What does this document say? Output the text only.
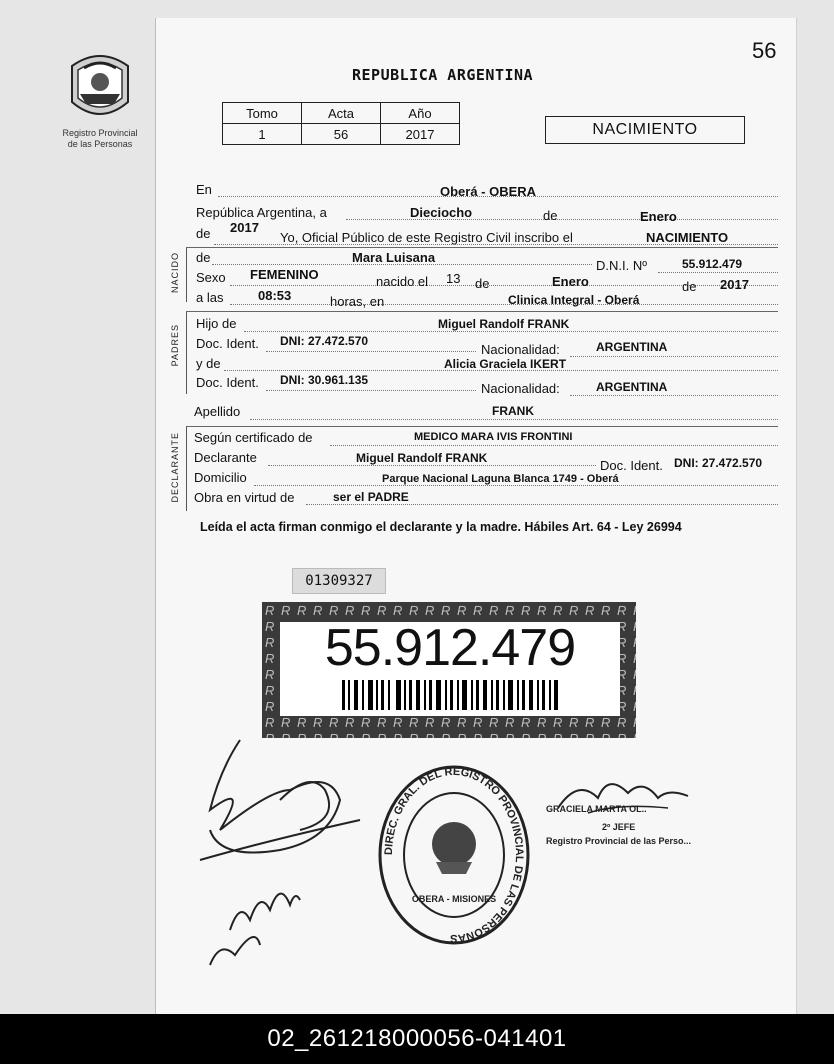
56
REPUBLICA ARGENTINA
Registro Provincial
de las Personas
Tomo	Acta	Año
1	56	2017	NACIMIENTO
En	Oberá - OBERA
República Argentina, a	Dieciocho	de	Enero
de 2017
Yo, Oficial Público de este Registro Civil inscribo el	NACIMIENTO
NACIDO de	Mara Luisana
D.N.I. Nº	55.912.479
Sexo FEMENINO	nacido el 13 de	Enero	de 2017
a las	08:53	horas, en	Clinica Integral - Oberá
PADRES
Hijo de	Miguel Randolf FRANK
Doc. Ident. DNI: 27.472.570
Nacionalidad:	ARGENTINA
y de	Alicia Graciela IKERT
Doc. Ident. DNI: 30.961.135
Nacionalidad:	ARGENTINA
Apellido	FRANK
DECLARANTE Según certificado de	MEDICO MARA IVIS FRONTINI
Declarante	Miguel Randolf FRANK	Doc. Ident. DNI: 27.472.570
Domicilio	Parque Nacional Laguna Blanca 1749 - Oberá
Obra en virtud de	ser el PADRE
Leída el acta firman conmigo el declarante y la madre. Hábiles Art. 64 - Ley 26994
01309327
55.912.479
DIREC. GRAL. DEL REGISTRO PROVINCIAL DE LAS PERSONAS
OBERA - MISIONES
GRACIELA MARTA OL..
2º JEFE
Registro Provincial de las Perso...
02_261218000056-041401
